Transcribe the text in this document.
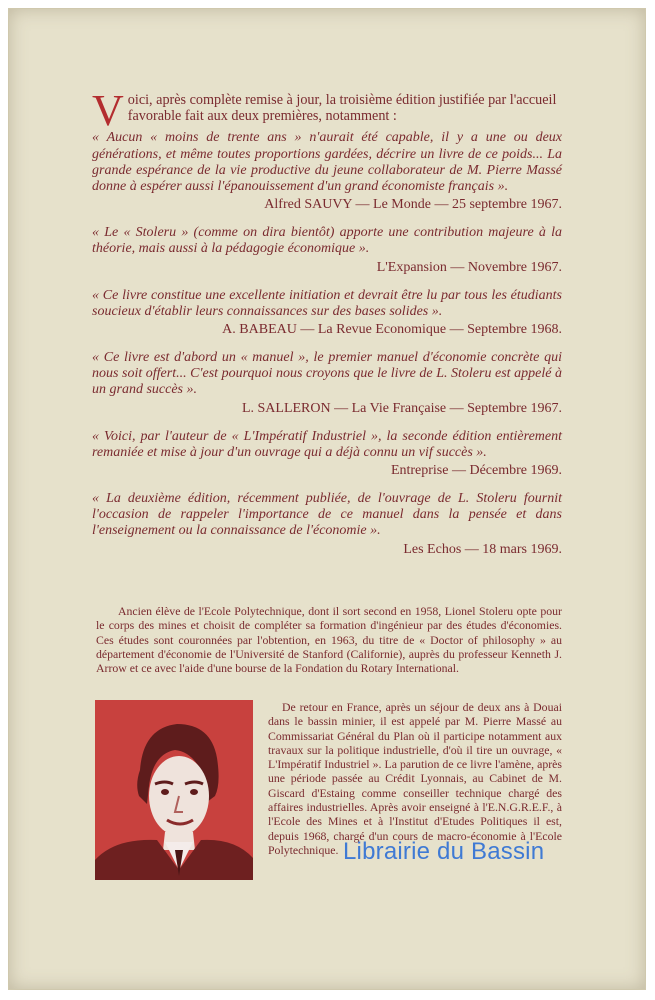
Voici, après complète remise à jour, la troisième édition justifiée par l'accueil favorable fait aux deux premières, notamment :

« Aucun « moins de trente ans » n'aurait été capable, il y a une ou deux générations, et même toutes proportions gardées, décrire un livre de ce poids... La grande espérance de la vie productive du jeune collaborateur de M. Pierre Massé donne à espérer aussi l'épanouissement d'un grand économiste français ».

Alfred SAUVY — Le Monde — 25 septembre 1967.

« Le « Stoleru » (comme on dira bientôt) apporte une contribution majeure à la théorie, mais aussi à la pédagogie économique ».

L'Expansion — Novembre 1967.

« Ce livre constitue une excellente initiation et devrait être lu par tous les étudiants soucieux d'établir leurs connaissances sur des bases solides ».

A. BABEAU — La Revue Economique — Septembre 1968.

« Ce livre est d'abord un « manuel », le premier manuel d'économie concrète qui nous soit offert... C'est pourquoi nous croyons que le livre de L. Stoleru est appelé à un grand succès ».

L. SALLERON — La Vie Française — Septembre 1967.

« Voici, par l'auteur de « L'Impératif Industriel », la seconde édition entièrement remaniée et mise à jour d'un ouvrage qui a déjà connu un vif succès ».

Entreprise — Décembre 1969.

« La deuxième édition, récemment publiée, de l'ouvrage de L. Stoleru fournit l'occasion de rappeler l'importance de ce manuel dans la pensée et dans l'enseignement ou la connaissance de l'économie ».

Les Echos — 18 mars 1969.

Ancien élève de l'Ecole Polytechnique, dont il sort second en 1958, Lionel Stoleru opte pour le corps des mines et choisit de compléter sa formation d'ingénieur par des études d'économies. Ces études sont couronnées par l'obtention, en 1963, du titre de « Doctor of philosophy » au département d'économie de l'Université de Stanford (Californie), auprès du professeur Kenneth J. Arrow et ce avec l'aide d'une bourse de la Fondation du Rotary International.

De retour en France, après un séjour de deux ans à Douai dans le bassin minier, il est appelé par M. Pierre Massé au Commissariat Général du Plan où il participe notamment aux travaux sur la politique industrielle, d'où il tire un ouvrage, « L'Impératif Industriel ». La parution de ce livre l'amène, après une période passée au Crédit Lyonnais, au Cabinet de M. Giscard d'Estaing comme conseiller technique chargé des affaires industrielles. Après avoir enseigné à l'E.N.G.R.E.F., à l'Ecole des Mines et à l'Institut d'Etudes Politiques il est, depuis 1968, chargé d'un cours de macro-économie à l'Ecole Polytechnique. Librairie du Bassin
